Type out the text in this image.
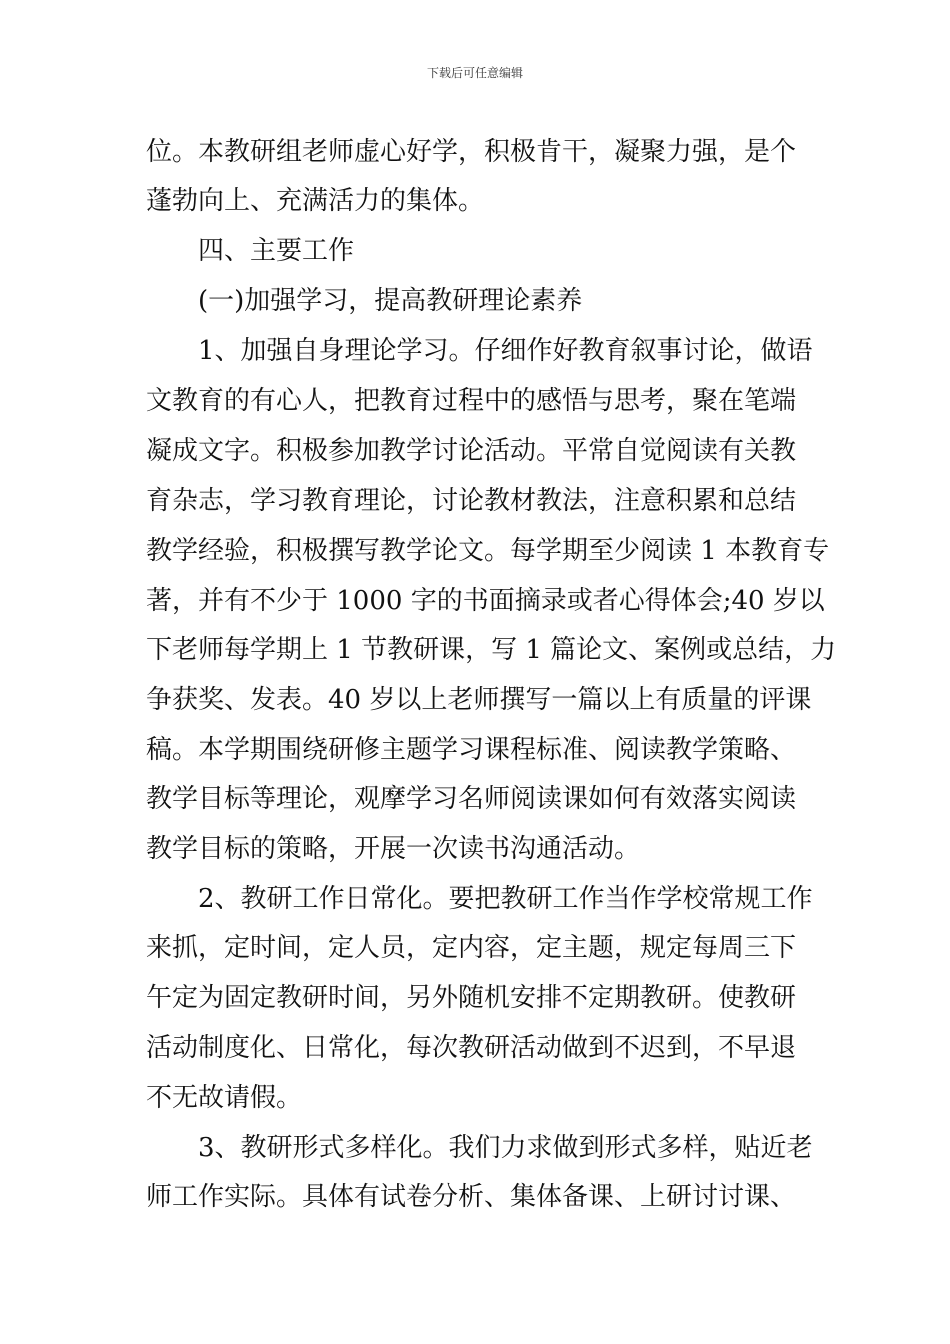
下载后可任意编辑
位。本教研组老师虚心好学，积极肯干，凝聚力强，是个
蓬勃向上、充满活力的集体。
四、主要工作
(一)加强学习，提高教研理论素养
1、加强自身理论学习。仔细作好教育叙事讨论，做语
文教育的有心人，把教育过程中的感悟与思考，聚在笔端
凝成文字。积极参加教学讨论活动。平常自觉阅读有关教
育杂志，学习教育理论，讨论教材教法，注意积累和总结
教学经验，积极撰写教学论文。每学期至少阅读 1 本教育专
著，并有不少于 1000 字的书面摘录或者心得体会;40 岁以
下老师每学期上 1 节教研课，写 1 篇论文、案例或总结，力
争获奖、发表。40 岁以上老师撰写一篇以上有质量的评课
稿。本学期围绕研修主题学习课程标准、阅读教学策略、
教学目标等理论，观摩学习名师阅读课如何有效落实阅读
教学目标的策略，开展一次读书沟通活动。
2、教研工作日常化。要把教研工作当作学校常规工作
来抓，定时间，定人员，定内容，定主题，规定每周三下
午定为固定教研时间，另外随机安排不定期教研。使教研
活动制度化、日常化，每次教研活动做到不迟到，不早退
不无故请假。
3、教研形式多样化。我们力求做到形式多样，贴近老
师工作实际。具体有试卷分析、集体备课、上研讨讨课、
